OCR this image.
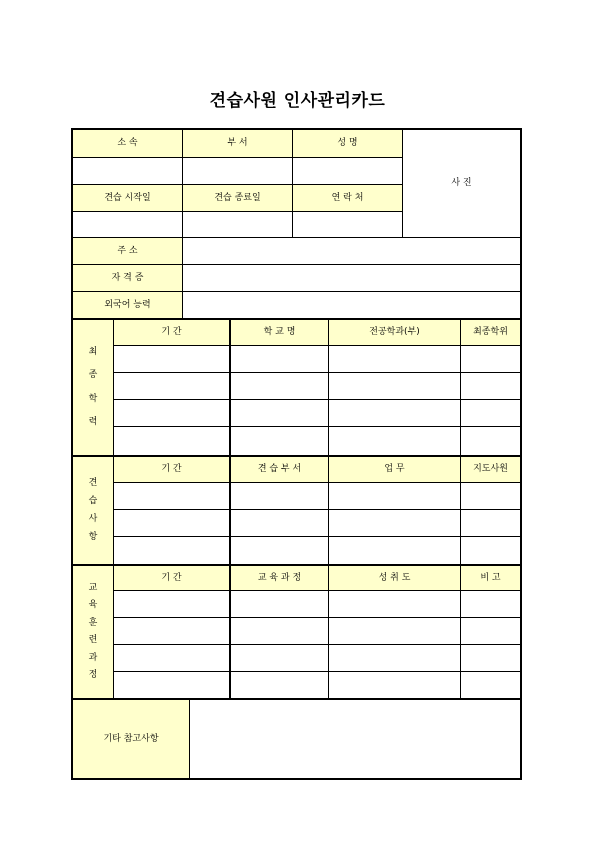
견습사원 인사관리카드
소 속	부 서	성 명
사 진
견습 시작일	견습 종료일	연 락 처
주 소
자 격 증
외국어 능력
최
종
학
력
기 간	학 교 명	전공학과(부)	최종학위
견
습
사
항
기 간	견 습 부 서	업 무	지도사원
교
육
훈
련
과
정
기 간	교 육 과 정	성 취 도	비 고
기타 참고사항
